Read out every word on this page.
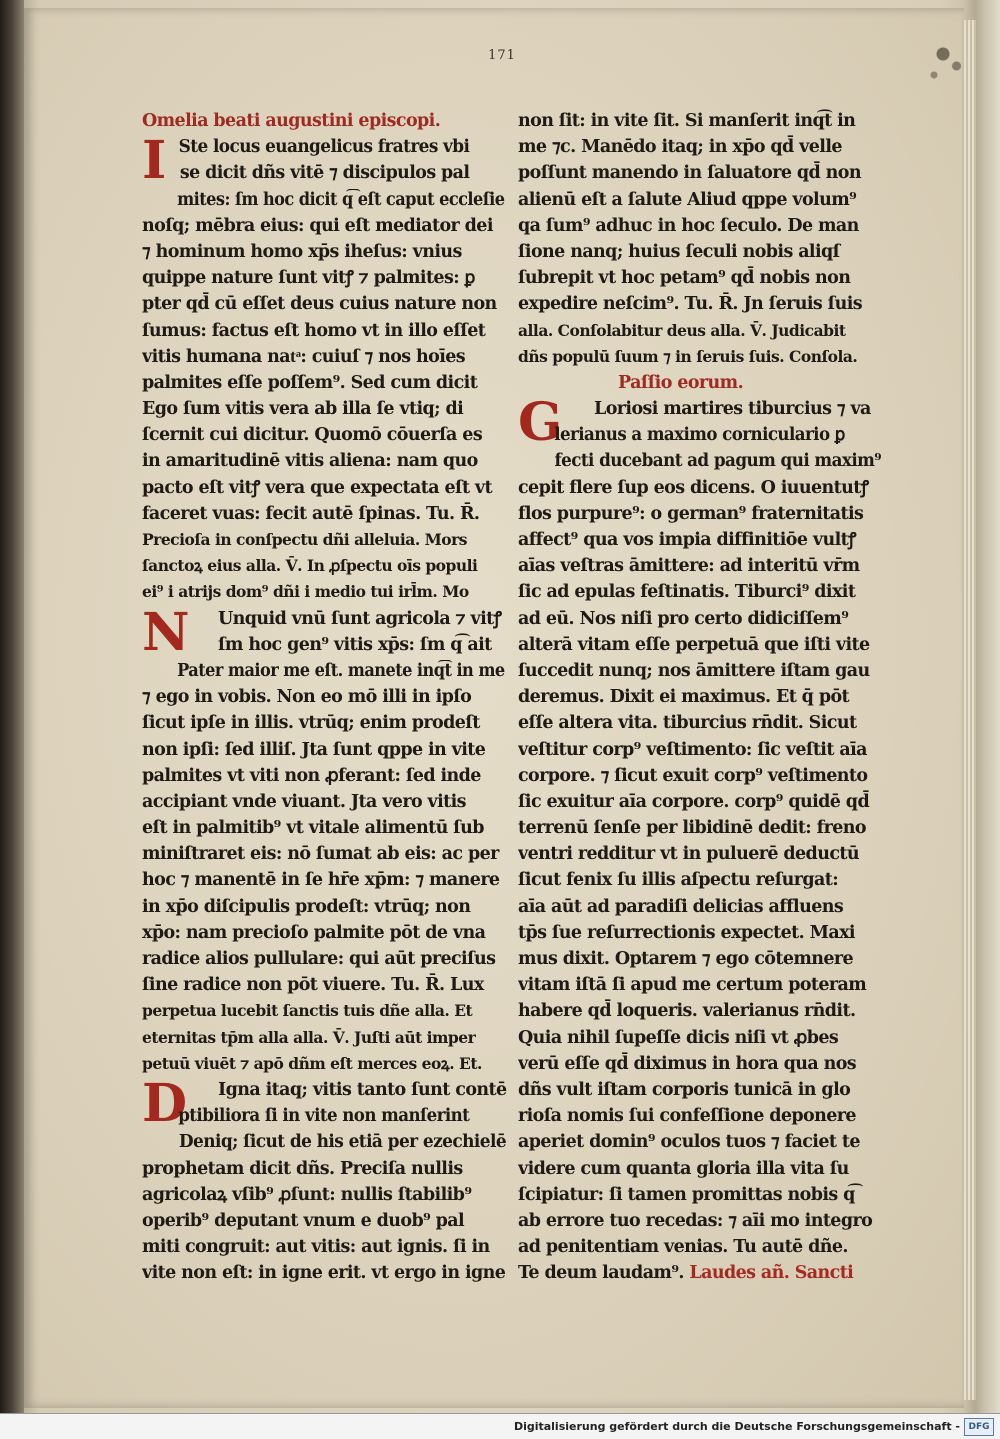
171
Omelia beati augustini episcopi.
I Ste locus euangelicus fratres vbi
se dicit dñs vitē ⁊ discipulos pal
mites: ſm hoc dicit q͡ eſt caput eccleſie
noſq; mēbra eius: qui eſt mediator dei
⁊ hominum homo xp̄s iheſus: vnius
quippe nature ſunt vitꝭ ⁊ palmites: ꝑ
pter qd̄ cū eſſet deus cuius nature non
ſumus: factus eſt homo vt in illo eſſet
vitis humana natͣ: cuiuſ ⁊ nos hoīes
palmites eſſe poſſem⁹. Sed cum dicit
Ego ſum vitis vera ab illa ſe vtiq; di
ſcernit cui dicitur. Quomō cōuerſa es
in amaritudinē vitis aliena: nam quo
pacto eſt vitꝭ vera que expectata eſt vt
faceret vuas: fecit autē ſpinas. Tu. R̄.
Precioſa in conſpectu dñi alleluia. Mors
ſanctoꝝ eius alla. V̄. In ꝓſpectu oīs populi
ei⁹ i atrijs dom⁹ dñi i medio tui irl̄m. Mo
N	Unquid vnū ſunt agricola ⁊ vitꝭ
ſm hoc gen⁹ vitis xp̄s: ſm q͡ ait
Pater maior me eſt. manete inq͡t in me
⁊ ego in vobis. Non eo mō illi in ipſo
ſicut ipſe in illis. vtrūq; enim prodeſt
non ipſi: ſed illiſ. Jta ſunt qppe in vite
palmites vt viti non ꝓferant: ſed inde
accipiant vnde viuant. Jta vero vitis
eſt in palmitib⁹ vt vitale alimentū ſub
miniſtraret eis: nō ſumat ab eis: ac per
hoc ⁊ manentē in ſe hr̄e xp̄m: ⁊ manere
in xp̄o diſcipulis prodeſt: vtrūq; non
xp̄o: nam precioſo palmite pōt de vna
radice alios pullulare: qui aūt preciſus
ſine radice non pōt viuere. Tu. R̄. Lux
perpetua lucebit ſanctis tuis dñe alla. Et
eternitas tp̄m alla alla. V̄. Juſti aūt imper
petuū viuēt ⁊ apō dñm eſt merces eoꝝ. Et.
D	Igna itaq; vitis tanto ſunt contē
ptibiliora ſi in vite non manſerint
Deniq; ſicut de his etiā per ezechielē
prophetam dicit dñs. Preciſa nullis
agricolaꝝ vſib⁹ ꝓſunt: nullis ſtabilib⁹
operib⁹ deputant vnum e duob⁹ pal
miti congruit: aut vitis: aut ignis. ſi in
vite non eſt: in igne erit. vt ergo in igne
non ſit: in vite ſit. Si manſerit inq͡t in
me ⁊c. Manēdo itaq; in xp̄o qd̄ velle
poſſunt manendo in ſaluatore qd̄ non
alienū eſt a ſalute Aliud qppe volum⁹
qa ſum⁹ adhuc in hoc ſeculo. De man
ſione nanq; huius ſeculi nobis aliqſ
ſubrepit vt hoc petam⁹ qd̄ nobis non
expedire neſcim⁹. Tu. R̄. Jn ſeruis ſuis
alla. Conſolabitur deus alla. V̄. Judicabit
dñs populū ſuum ⁊ in ſeruis ſuis. Conſola.
Paſſio eorum.
G	Loriosi martires tiburcius ⁊ va
lerianus a maximo corniculario ꝑ
fecti ducebant ad pagum qui maxim⁹
cepit flere ſup eos dicens. O iuuentutꝭ
flos purpure⁹: o german⁹ fraternitatis
affect⁹ qua vos impia diffinitiōe vultꝭ
aīas veſtras āmittere: ad interitū vr̄m
ſic ad epulas feſtinatis. Tiburci⁹ dixit
ad eū. Nos niſi pro certo didiciſſem⁹
alterā vitam eſſe perpetuā que iſti vite
ſuccedit nunq; nos āmittere iſtam gau
deremus. Dixit ei maximus. Et q̄ pōt
eſſe altera vita. tiburcius rn̄dit. Sicut
veſtitur corp⁹ veſtimento: ſic veſtit aīa
corpore. ⁊ ſicut exuit corp⁹ veſtimento
ſic exuitur aīa corpore. corp⁹ quidē qd̄
terrenū ſenſe per libidinē dedit: freno
ventri redditur vt in puluerē deductū
ſicut fenix ſu illis aſpectu reſurgat:
aīa aūt ad paradiſi delicias affluens
tp̄s ſue reſurrectionis expectet. Maxi
mus dixit. Optarem ⁊ ego cōtemnere
vitam iſtā ſi apud me certum poteram
habere qd̄ loqueris. valerianus rn̄dit.
Quia nihil ſupeſſe dicis niſi vt ꝓbes
verū eſſe qd̄ diximus in hora qua nos
dñs vult iſtam corporis tunicā in glo
rioſa nomis ſui confeſſione deponere
aperiet domin⁹ oculos tuos ⁊ faciet te
videre cum quanta gloria illa vita ſu
ſcipiatur: ſi tamen promittas nobis q͡
ab errore tuo recedas: ⁊ aīi mo integro
ad penitentiam venias. Tu autē dñe.
Te deum laudam⁹. Laudes añ. Sancti
Digitalisierung gefördert durch die Deutsche Forschungsgemeinschaft - DFG
